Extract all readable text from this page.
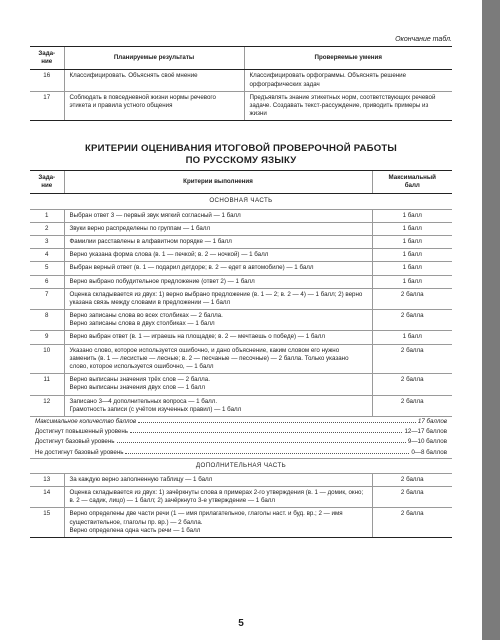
Окончание табл.
Зада-
ние	Планируемые результаты	Проверяемые умения
16	Классифицировать. Объяснять своё мнение	Классифицировать орфограммы. Объяснять решение орфографических задач
17	Соблюдать в повседневной жизни нормы речевого этикета и правила устного общения	Предъявлять знание этикетных норм, соответствующих речевой задаче. Создавать текст-рассуждение, приводить примеры из жизни
КРИТЕРИИ ОЦЕНИВАНИЯ ИТОГОВОЙ ПРОВЕРОЧНОЙ РАБОТЫ
ПО РУССКОМУ ЯЗЫКУ
Зада-
ние	Критерии выполнения	Максимальный
балл
ОСНОВНАЯ ЧАСТЬ		
1	Выбран ответ 3 — первый звук мягкий согласный — 1 балл	1 балл
2	Звуки верно распределены по группам — 1 балл	1 балл
3	Фамилии расставлены в алфавитном порядке — 1 балл	1 балл
4	Верно указана форма слова (в. 1 — печкой; в. 2 — ночкой) — 1 балл	1 балл
5	Выбран верный ответ (в. 1 — подарил детдоре; в. 2 — едет в автомобиле) — 1 балл	1 балл
6	Верно выбрано побудительное предложение (ответ 2) — 1 балл	1 балл
7	Оценка складывается из двух: 1) верно выбрано предложение (в. 1 — 2; в. 2 — 4) — 1 балл; 2) верно указана связь между словами в предложении — 1 балл	2 балла
8	Верно записаны слова во всех столбиках — 2 балла.
Верно записаны слова в двух столбиках — 1 балл	2 балла
9	Верно выбран ответ (в. 1 — играешь на площадке; в. 2 — мечтаешь о победе) — 1 балл	1 балл
10	Указано слово, которое используется ошибочно, и дано объяснение, каким словом его нужно заменить (в. 1 — лесистые — лесные; в. 2 — песчаные — песочные) — 2 балла. Только указано слово, которое используется ошибочно, — 1 балл	2 балла
11	Верно выписаны значения трёх слов — 2 балла.
Верно выписаны значения двух слов — 1 балл	2 балла
12	Записано 3—4 дополнительных вопроса — 1 балл.
Грамотность записи (с учётом изученных правил) — 1 балл	2 балла

Максимальное количество баллов 17 баллов		

Достигнут повышенный уровень 12—17 баллов		

Достигнут базовый уровень 9—10 баллов		

Не достигнут базовый уровень 0—8 баллов		

ДОПОЛНИТЕЛЬНАЯ ЧАСТЬ		
13	За каждую верно заполненную таблицу — 1 балл	2 балла
14	Оценка складывается из двух: 1) зачёркнуты слова в примерах 2-го утверждения (в. 1 — домик, окно; в. 2 — садик, лицо) — 1 балл; 2) зачёркнуто 3-е утверждение — 1 балл	2 балла
15	Верно определены две части речи (1 — имя прилагательное, глаголы наст. и буд. вр.; 2 — имя существительное, глаголы пр. вр.) — 2 балла.
Верно определена одна часть речи — 1 балл	2 балла
5
